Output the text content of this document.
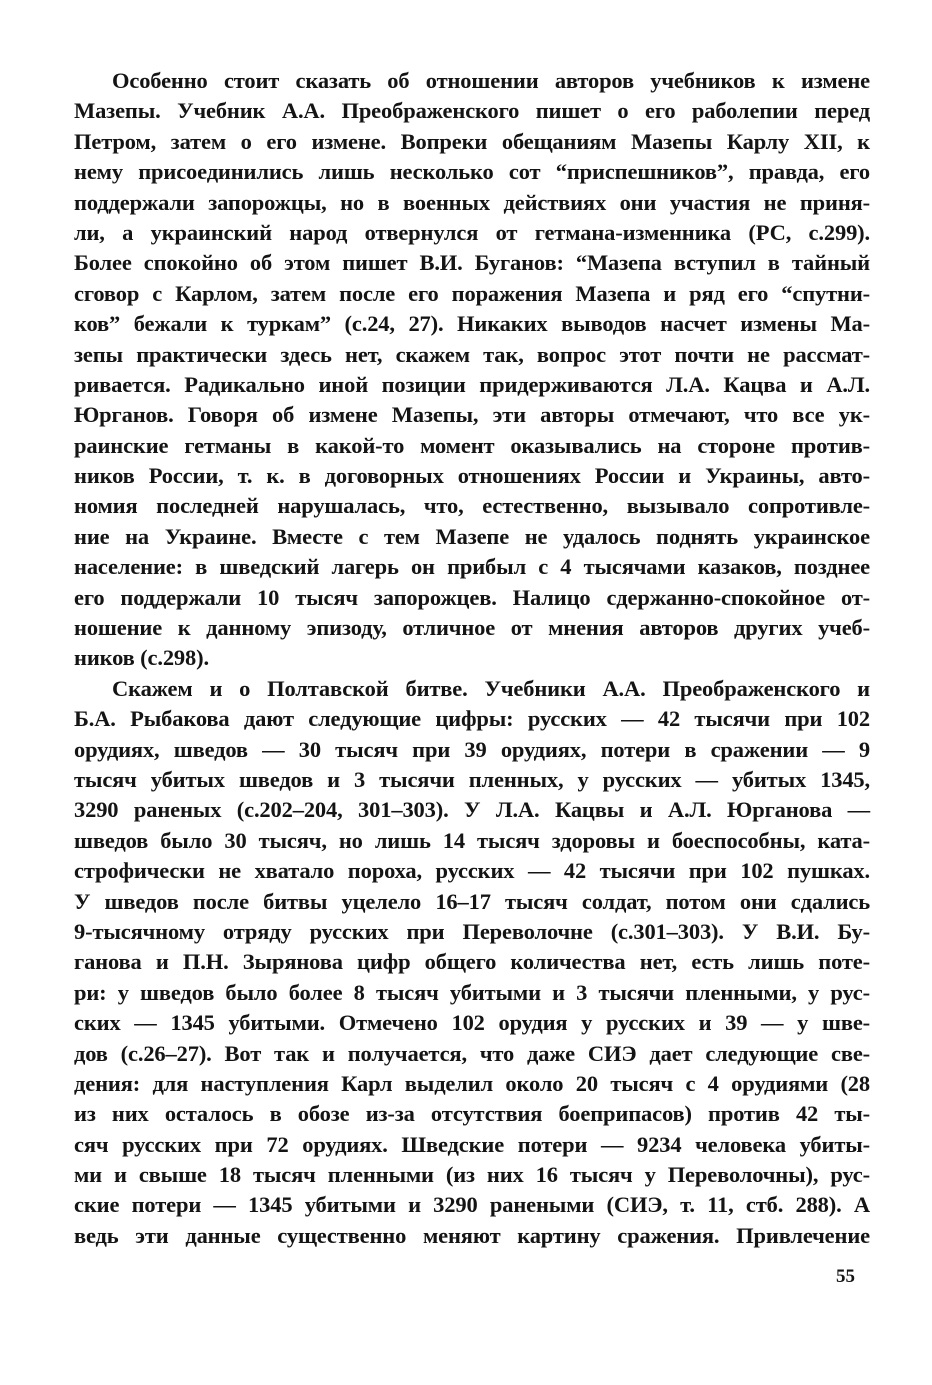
Особенно стоит сказать об отношении авторов учебников к измене
Мазепы. Учебник А.А. Преображенского пишет о его раболепии перед
Петром, затем о его измене. Вопреки обещаниям Мазепы Карлу XII, к
нему присоединились лишь несколько сот “приспешников”, правда, его
поддержали запорожцы, но в военных действиях они участия не приня-
ли, а украинский народ отвернулся от гетмана-изменника (РС, с.299).
Более спокойно об этом пишет В.И. Буганов: “Мазепа вступил в тайный
сговор с Карлом, затем после его поражения Мазепа и ряд его “спутни-
ков” бежали к туркам” (с.24, 27). Никаких выводов насчет измены Ма-
зепы практически здесь нет, скажем так, вопрос этот почти не рассмат-
ривается. Радикально иной позиции придерживаются Л.А. Кацва и А.Л.
Юрганов. Говоря об измене Мазепы, эти авторы отмечают, что все ук-
раинские гетманы в какой-то момент оказывались на стороне против-
ников России, т. к. в договорных отношениях России и Украины, авто-
номия последней нарушалась, что, естественно, вызывало сопротивле-
ние на Украине. Вместе с тем Мазепе не удалось поднять украинское
население: в шведский лагерь он прибыл с 4 тысячами казаков, позднее
его поддержали 10 тысяч запорожцев. Налицо сдержанно-спокойное от-
ношение к данному эпизоду, отличное от мнения авторов других учеб-
ников (с.298).
Скажем и о Полтавской битве. Учебники А.А. Преображенского и
Б.А. Рыбакова дают следующие цифры: русских — 42 тысячи при 102
орудиях, шведов — 30 тысяч при 39 орудиях, потери в сражении — 9
тысяч убитых шведов и 3 тысячи пленных, у русских — убитых 1345,
3290 раненых (с.202–204, 301–303). У Л.А. Кацвы и А.Л. Юрганова —
шведов было 30 тысяч, но лишь 14 тысяч здоровы и боеспособны, ката-
строфически не хватало пороха, русских — 42 тысячи при 102 пушках.
У шведов после битвы уцелело 16–17 тысяч солдат, потом они сдались
9-тысячному отряду русских при Переволочне (с.301–303). У В.И. Бу-
ганова и П.Н. Зырянова цифр общего количества нет, есть лишь поте-
ри: у шведов было более 8 тысяч убитыми и 3 тысячи пленными, у рус-
ских — 1345 убитыми. Отмечено 102 орудия у русских и 39 — у шве-
дов (с.26–27). Вот так и получается, что даже СИЭ дает следующие све-
дения: для наступления Карл выделил около 20 тысяч с 4 орудиями (28
из них осталось в обозе из-за отсутствия боеприпасов) против 42 ты-
сяч русских при 72 орудиях. Шведские потери — 9234 человека убиты-
ми и свыше 18 тысяч пленными (из них 16 тысяч у Переволочны), рус-
ские потери — 1345 убитыми и 3290 ранеными (СИЭ, т. 11, стб. 288). А
ведь эти данные существенно меняют картину сражения. Привлечение
55
